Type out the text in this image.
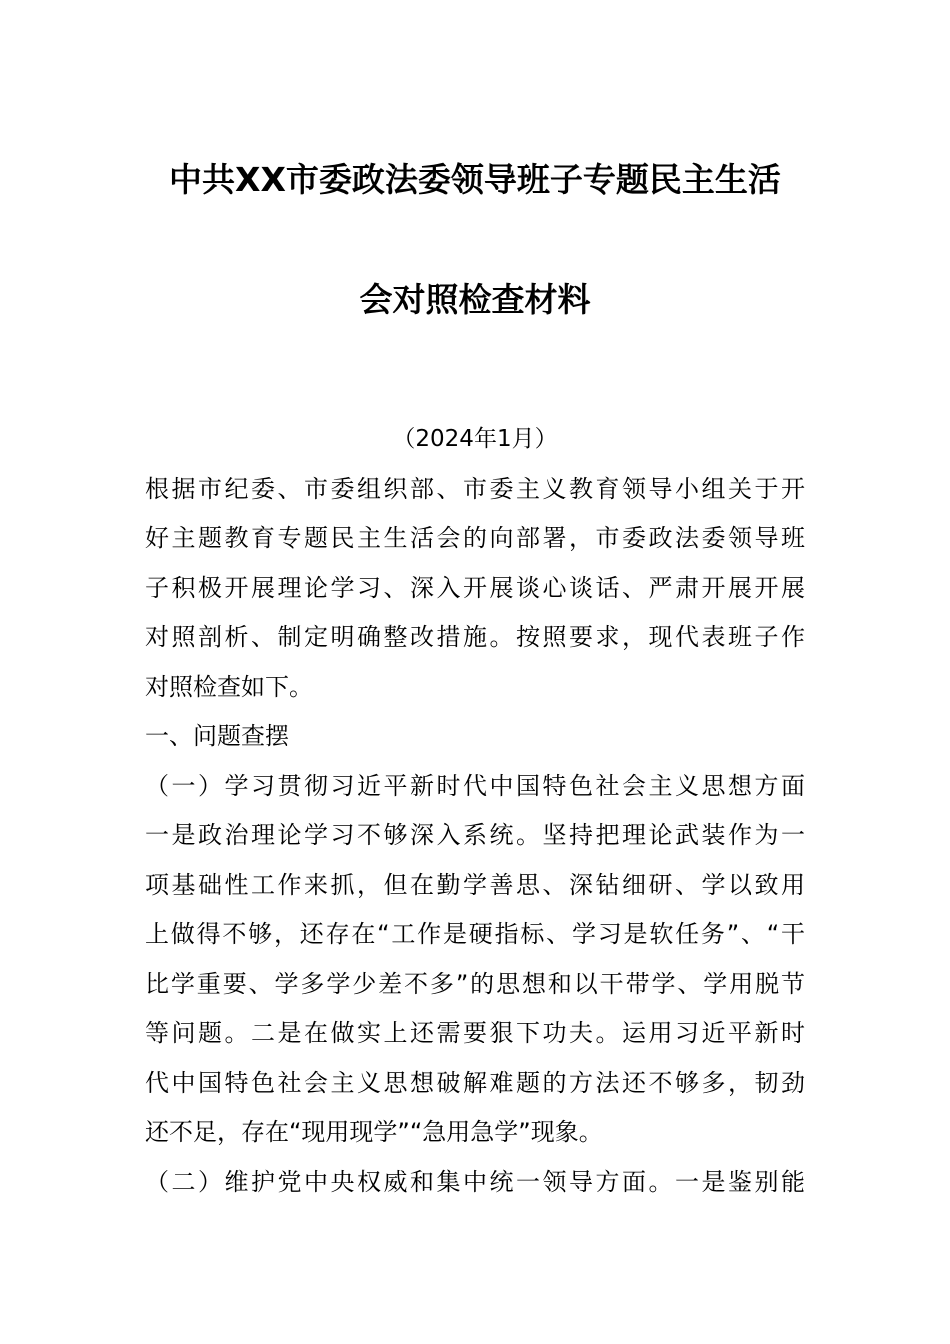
中共XX市委政法委领导班子专题民主生活
会对照检查材料
（2024年1月）
根据市纪委、市委组织部、市委主义教育领导小组关于开
好主题教育专题民主生活会的向部署，市委政法委领导班
子积极开展理论学习、深入开展谈心谈话、严肃开展开展
对照剖析、制定明确整改措施。按照要求，现代表班子作
对照检查如下。
一、问题查摆
（一）学习贯彻习近平新时代中国特色社会主义思想方面
一是政治理论学习不够深入系统。坚持把理论武装作为一
项基础性工作来抓，但在勤学善思、深钻细研、学以致用
上做得不够，还存在“工作是硬指标、学习是软任务”、“干
比学重要、学多学少差不多”的思想和以干带学、学用脱节
等问题。二是在做实上还需要狠下功夫。运用习近平新时
代中国特色社会主义思想破解难题的方法还不够多，韧劲
还不足，存在“现用现学”“急用急学”现象。
（二）维护党中央权威和集中统一领导方面。一是鉴别能
